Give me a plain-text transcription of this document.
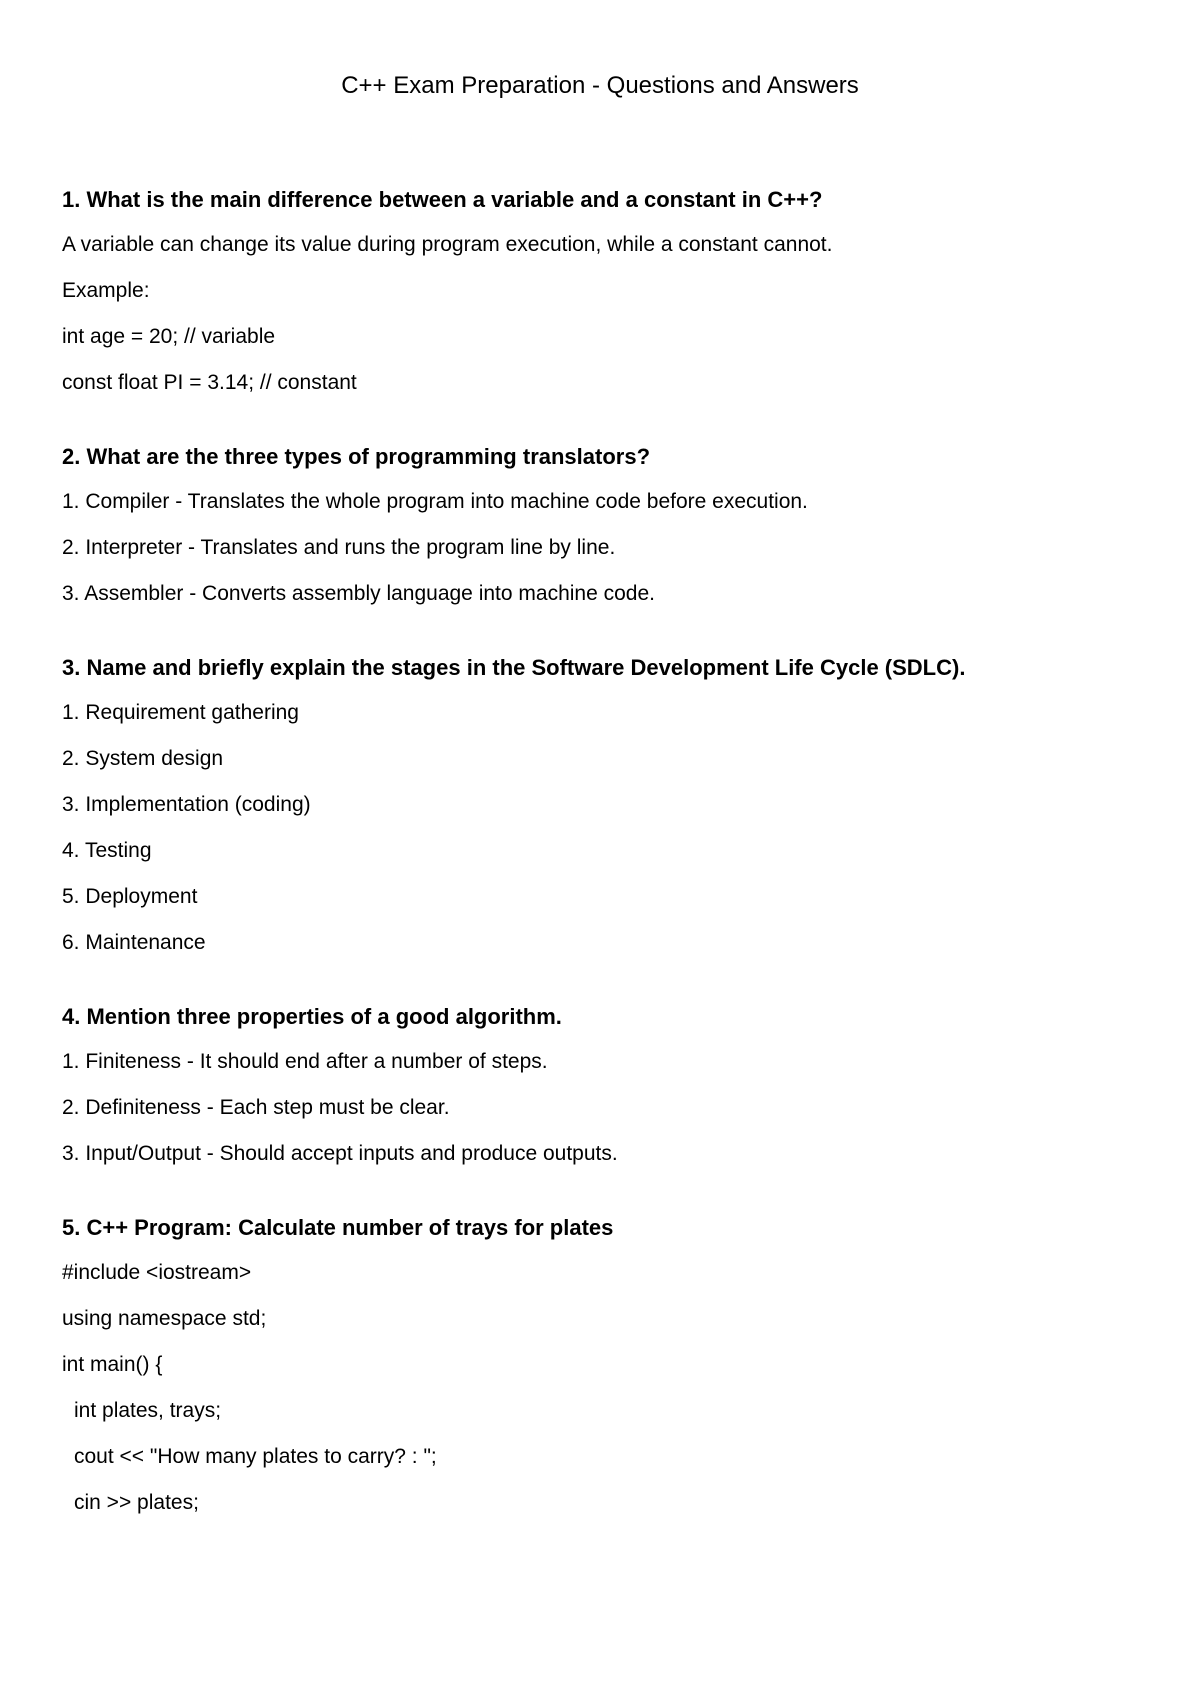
C++ Exam Preparation - Questions and Answers
1. What is the main difference between a variable and a constant in C++?
A variable can change its value during program execution, while a constant cannot.
Example:
int age = 20; // variable
const float PI = 3.14; // constant
2. What are the three types of programming translators?
1. Compiler - Translates the whole program into machine code before execution.
2. Interpreter - Translates and runs the program line by line.
3. Assembler - Converts assembly language into machine code.
3. Name and briefly explain the stages in the Software Development Life Cycle (SDLC).
1. Requirement gathering
2. System design
3. Implementation (coding)
4. Testing
5. Deployment
6. Maintenance
4. Mention three properties of a good algorithm.
1. Finiteness - It should end after a number of steps.
2. Definiteness - Each step must be clear.
3. Input/Output - Should accept inputs and produce outputs.
5. C++ Program: Calculate number of trays for plates
#include <iostream>
using namespace std;
int main() {
int plates, trays;
cout << "How many plates to carry? : ";
cin >> plates;
